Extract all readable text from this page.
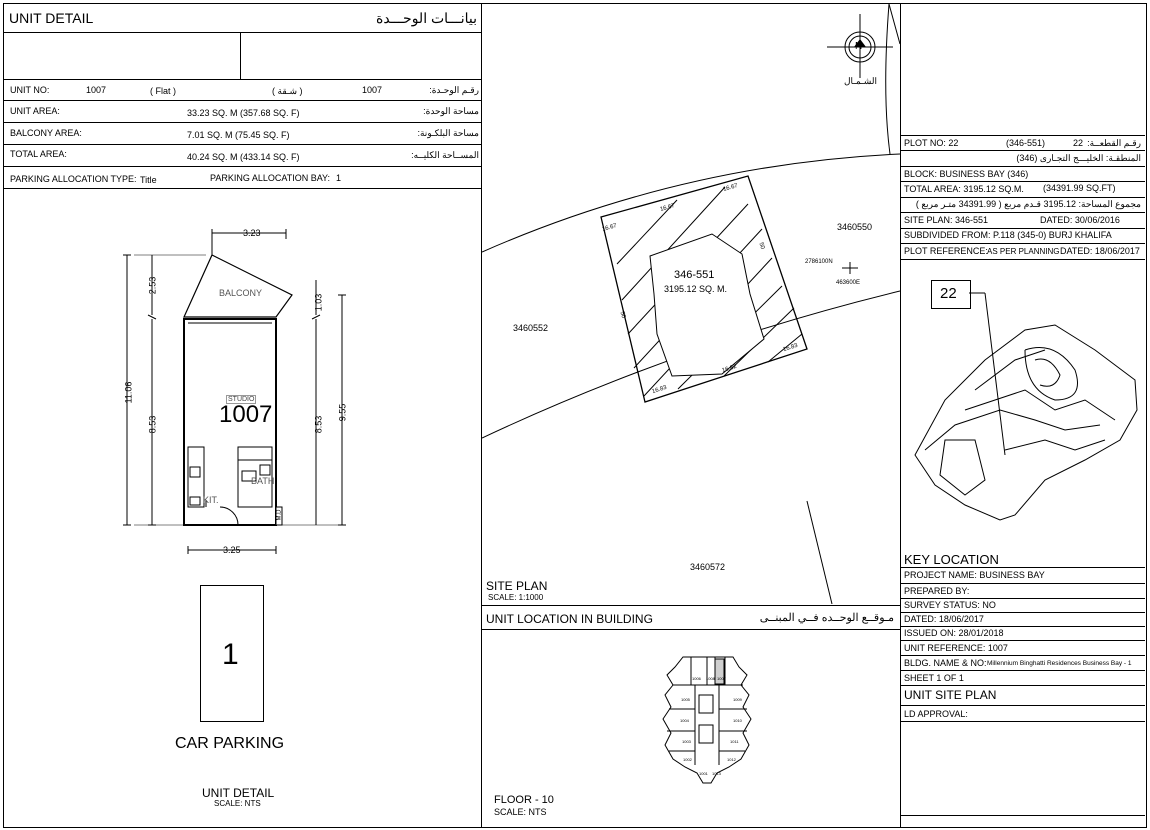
UNIT DETAIL	بيانـــات الوحـــدة
UNIT NO:	1007	( Flat )	( شـقة )	1007	رقـم الوحـدة:
UNIT AREA:	33.23 SQ. M (357.68 SQ. F)	مساحة الوحدة:
BALCONY AREA:	7.01 SQ. M (75.45 SQ. F)	مساحة البلكـونة:
TOTAL AREA:	40.24 SQ. M (433.14 SQ. F)	المســاحة الكليــه:
PARKING ALLOCATION TYPE: Title	PARKING ALLOCATION BAY: 1
3.23
3.25
11.06
2.53
8.53
1.03
8.53
9.55
BALCONY
STUDIO
1007
BATH
KIT.
M.D
1
CAR PARKING
UNIT DETAIL
SCALE: NTS
N
الشـمـال
346-551
3195.12 SQ. M.
3460550
3460552
3460572
2786100N
463600E
16.67
16.67
16.67
50
50
16.83
16.82
16.83
SITE PLAN
SCALE: 1:1000
UNIT LOCATION IN BUILDING	مـوقــع الوحــده فــي المبنــى
1006 1008 1007
1005	1009
1004	1010
1003	1011
1002	1012
1001 1013
FLOOR - 10
SCALE: NTS
PLOT NO: 22	(346-551)	22 رقـم القطعــة:
المنطقـة: الخليـــج التجـارى (346)
BLOCK: BUSINESS BAY (346)
TOTAL AREA: 3195.12 SQ.M. (34391.99 SQ.FT)
مجموع المساحة: 3195.12 قـدم مربع ( 34391.99 متـر مربع )
SITE PLAN: 346-551	DATED: 30/06/2016
SUBDIVIDED FROM: P.118 (345-0) BURJ KHALIFA
PLOT REFERENCE: AS PER PLANNING DATED: 18/06/2017
22
KEY LOCATION
PROJECT NAME: BUSINESS BAY
PREPARED BY:
SURVEY STATUS: NO
DATED: 18/06/2017
ISSUED ON: 28/01/2018
UNIT REFERENCE: 1007
BLDG. NAME & NO: Millennium Binghatti Residences Business Bay - 1
SHEET 1 OF 1
UNIT SITE PLAN
LD APPROVAL:
